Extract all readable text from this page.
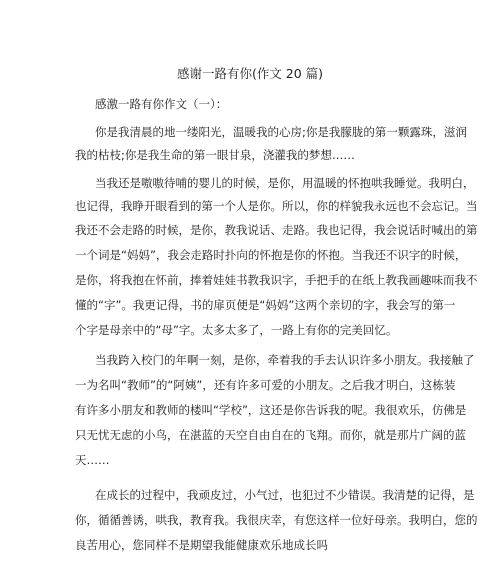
感谢一路有你(作文 20 篇)
感激一路有你作文（一）：
你是我清晨的地一缕阳光，温暖我的心房;你是我朦胧的第一颗露珠，滋润
我的枯枝;你是我生命的第一眼甘泉，浇灌我的梦想……
当我还是嗷嗷待哺的婴儿的时候，是你，用温暖的怀抱哄我睡觉。我明白，
也记得，我睁开眼看到的第一个人是你。所以，你的样貌我永远也不会忘记。当
我还不会走路的时候，是你，教我说话、走路。我也记得，我会说话时喊出的第
一个词是“妈妈”，我会走路时扑向的怀抱是你的怀抱。当我还不识字的时候，
是你，将我抱在怀前，捧着娃娃书教我识字，手把手的在纸上教我画趣味而我不
懂的“字”。我更记得，书的扉页便是“妈妈”这两个亲切的字，我会写的第一
个字是母亲中的“母”字。太多太多了，一路上有你的完美回忆。
当我跨入校门的年啊一刻，是你，牵着我的手去认识许多小朋友。我接触了
一为名叫“教师”的“阿姨”，还有许多可爱的小朋友。之后我才明白，这栋装
有许多小朋友和教师的楼叫“学校”，这还是你告诉我的呢。我很欢乐，仿佛是
只无忧无虑的小鸟，在湛蓝的天空自由自在的飞翔。而你，就是那片广阔的蓝
天……
在成长的过程中，我顽皮过，小气过，也犯过不少错误。我清楚的记得，是
你，循循善诱，哄我，教育我。我很庆幸，有您这样一位好母亲。我明白，您的
良苦用心，您同样不是期望我能健康欢乐地成长吗
